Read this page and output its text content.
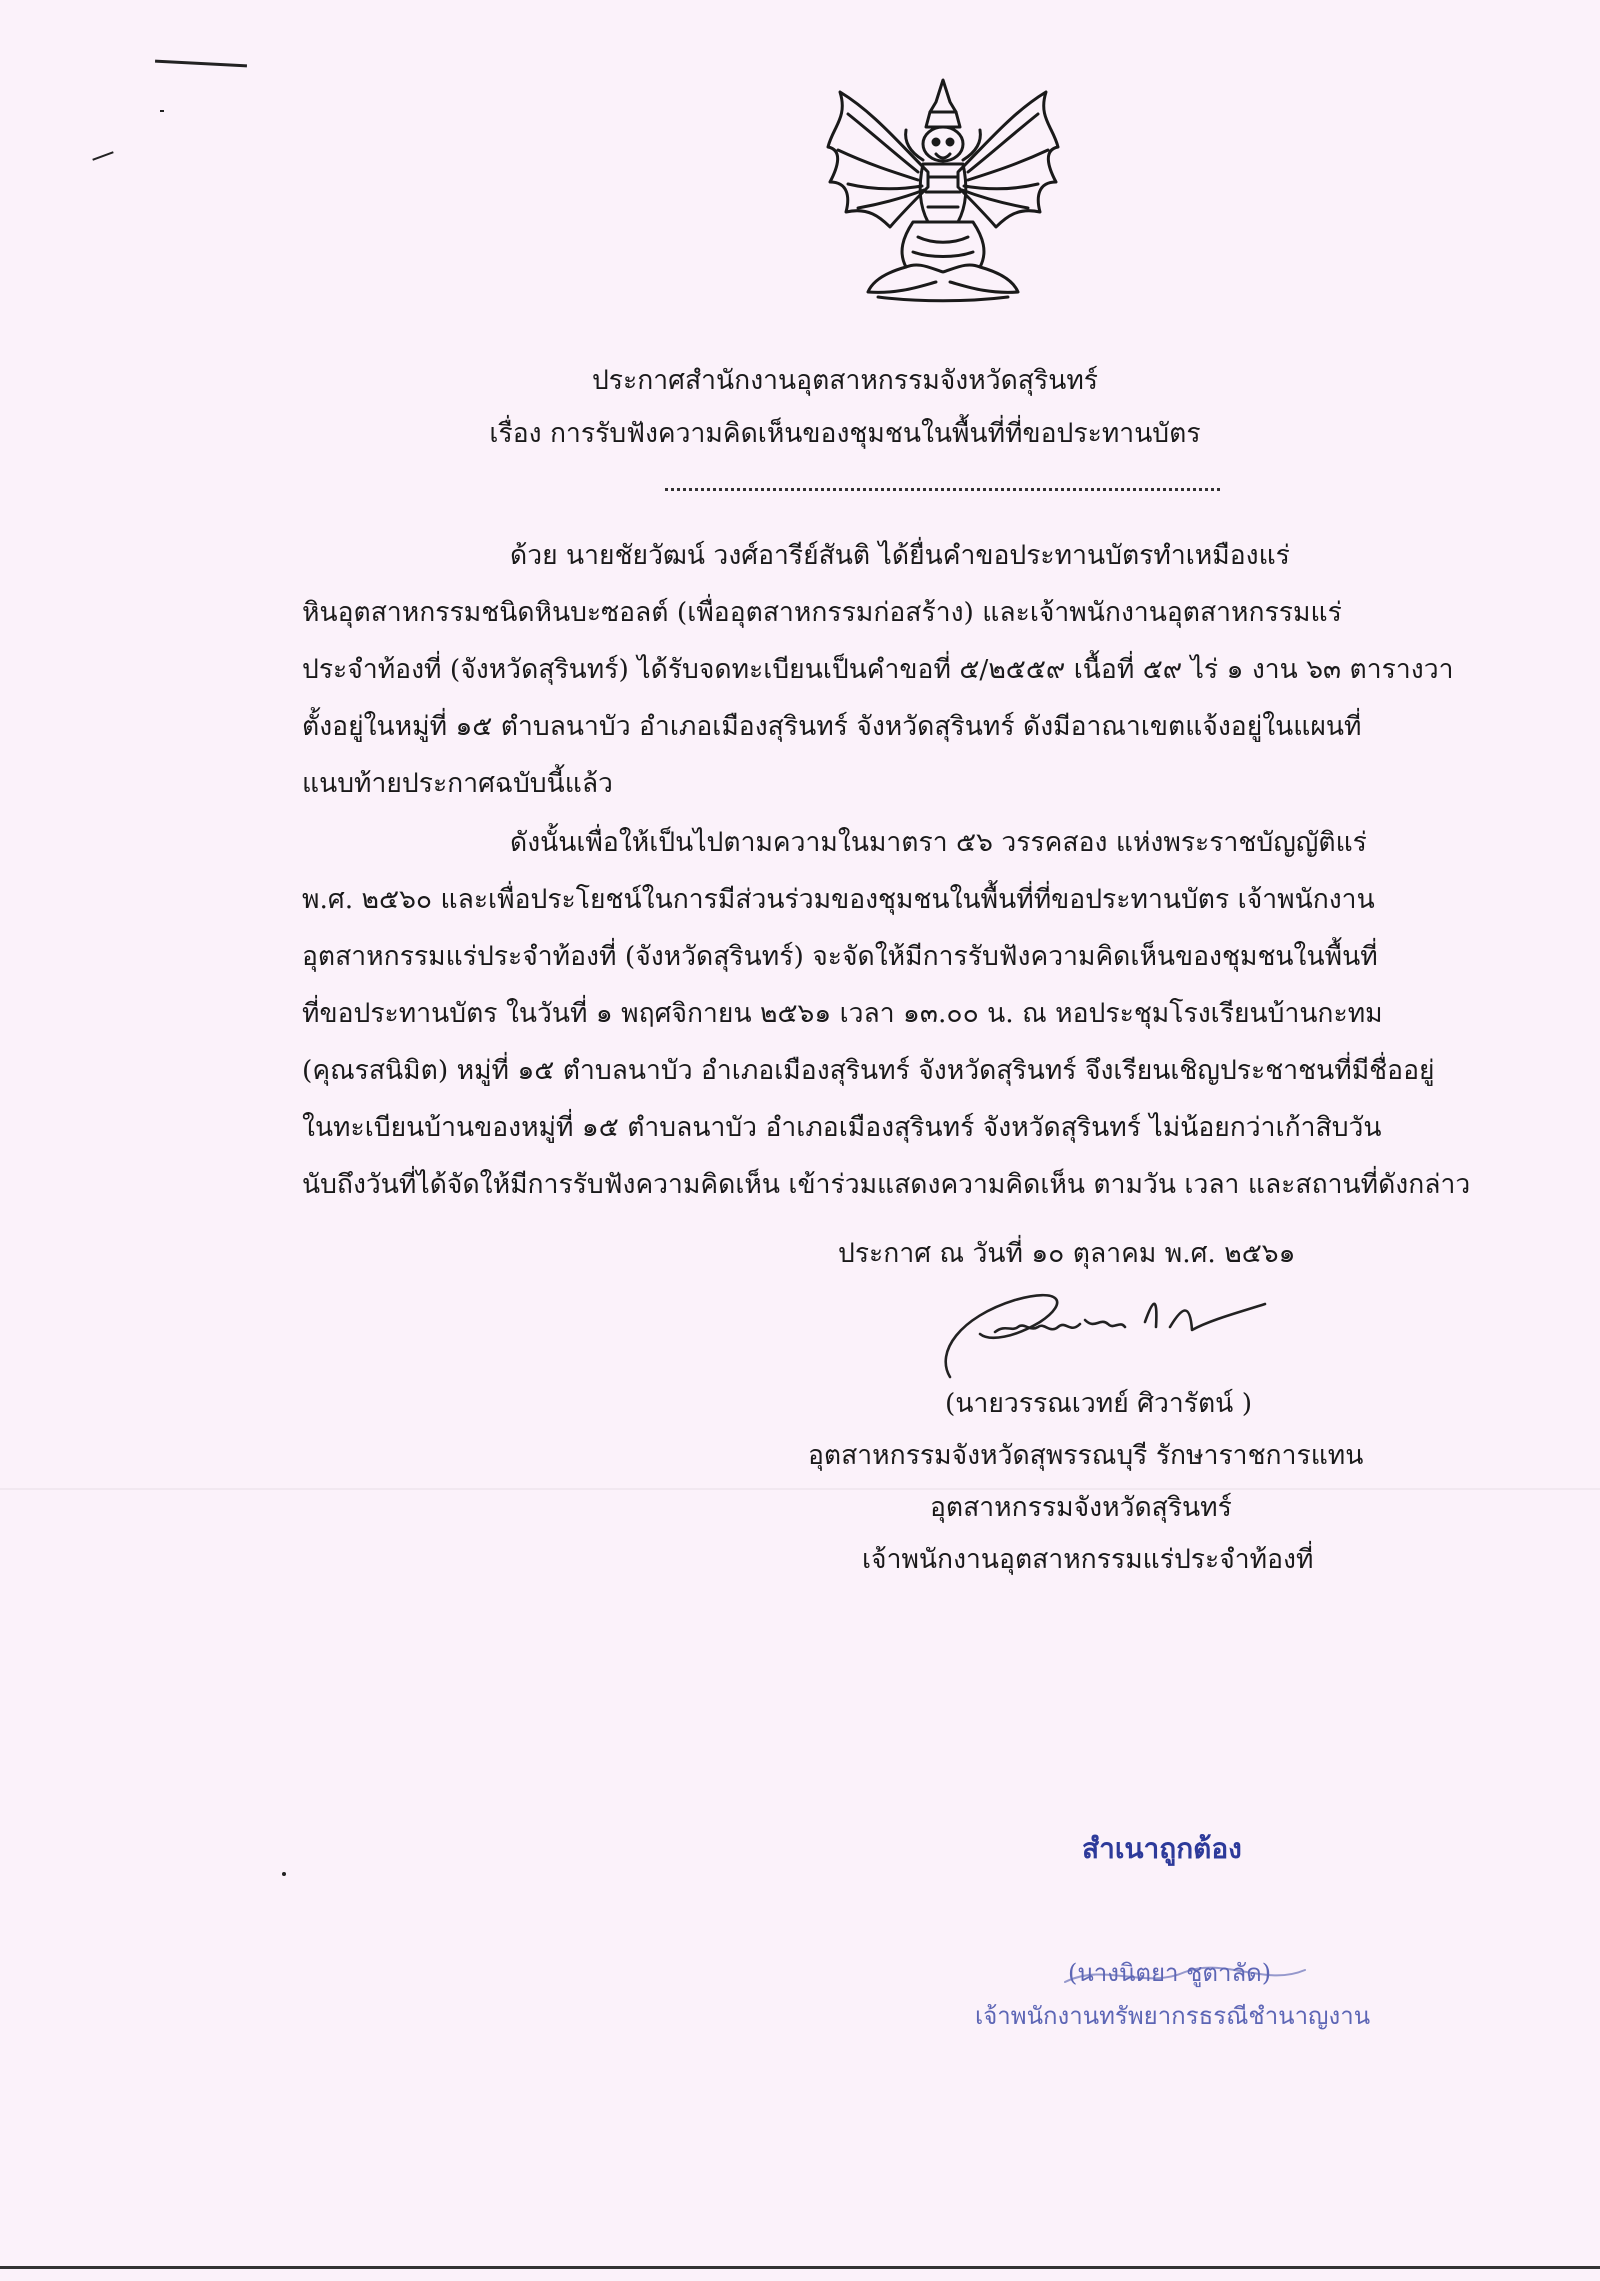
ประกาศสำนักงานอุตสาหกรรมจังหวัดสุรินทร์
เรื่อง การรับฟังความคิดเห็นของชุมชนในพื้นที่ที่ขอประทานบัตร
ด้วย นายชัยวัฒน์ วงศ์อารีย์สันติ ได้ยื่นคำขอประทานบัตรทำเหมืองแร่
หินอุตสาหกรรมชนิดหินบะซอลต์ (เพื่ออุตสาหกรรมก่อสร้าง) และเจ้าพนักงานอุตสาหกรรมแร่
ประจำท้องที่ (จังหวัดสุรินทร์) ได้รับจดทะเบียนเป็นคำขอที่ ๕/๒๕๕๙ เนื้อที่ ๕๙ ไร่ ๑ งาน ๖๓ ตารางวา
ตั้งอยู่ในหมู่ที่ ๑๕ ตำบลนาบัว อำเภอเมืองสุรินทร์ จังหวัดสุรินทร์ ดังมีอาณาเขตแจ้งอยู่ในแผนที่
แนบท้ายประกาศฉบับนี้แล้ว
ดังนั้นเพื่อให้เป็นไปตามความในมาตรา ๕๖ วรรคสอง แห่งพระราชบัญญัติแร่
พ.ศ. ๒๕๖๐ และเพื่อประโยชน์ในการมีส่วนร่วมของชุมชนในพื้นที่ที่ขอประทานบัตร เจ้าพนักงาน
อุตสาหกรรมแร่ประจำท้องที่ (จังหวัดสุรินทร์) จะจัดให้มีการรับฟังความคิดเห็นของชุมชนในพื้นที่
ที่ขอประทานบัตร ในวันที่ ๑ พฤศจิกายน ๒๕๖๑ เวลา ๑๓.๐๐ น. ณ หอประชุมโรงเรียนบ้านกะทม
(คุณรสนิมิต) หมู่ที่ ๑๕ ตำบลนาบัว อำเภอเมืองสุรินทร์ จังหวัดสุรินทร์ จึงเรียนเชิญประชาชนที่มีชื่ออยู่
ในทะเบียนบ้านของหมู่ที่ ๑๕ ตำบลนาบัว อำเภอเมืองสุรินทร์ จังหวัดสุรินทร์ ไม่น้อยกว่าเก้าสิบวัน
นับถึงวันที่ได้จัดให้มีการรับฟังความคิดเห็น เข้าร่วมแสดงความคิดเห็น ตามวัน เวลา และสถานที่ดังกล่าว
ประกาศ ณ วันที่ ๑๐ ตุลาคม พ.ศ. ๒๕๖๑
(นายวรรณเวทย์ ศิวารัตน์ )
อุตสาหกรรมจังหวัดสุพรรณบุรี รักษาราชการแทน
อุตสาหกรรมจังหวัดสุรินทร์
เจ้าพนักงานอุตสาหกรรมแร่ประจำท้องที่
สำเนาถูกต้อง
(นางนิตยา ชูตาลัด)
เจ้าพนักงานทรัพยากรธรณีชำนาญงาน
